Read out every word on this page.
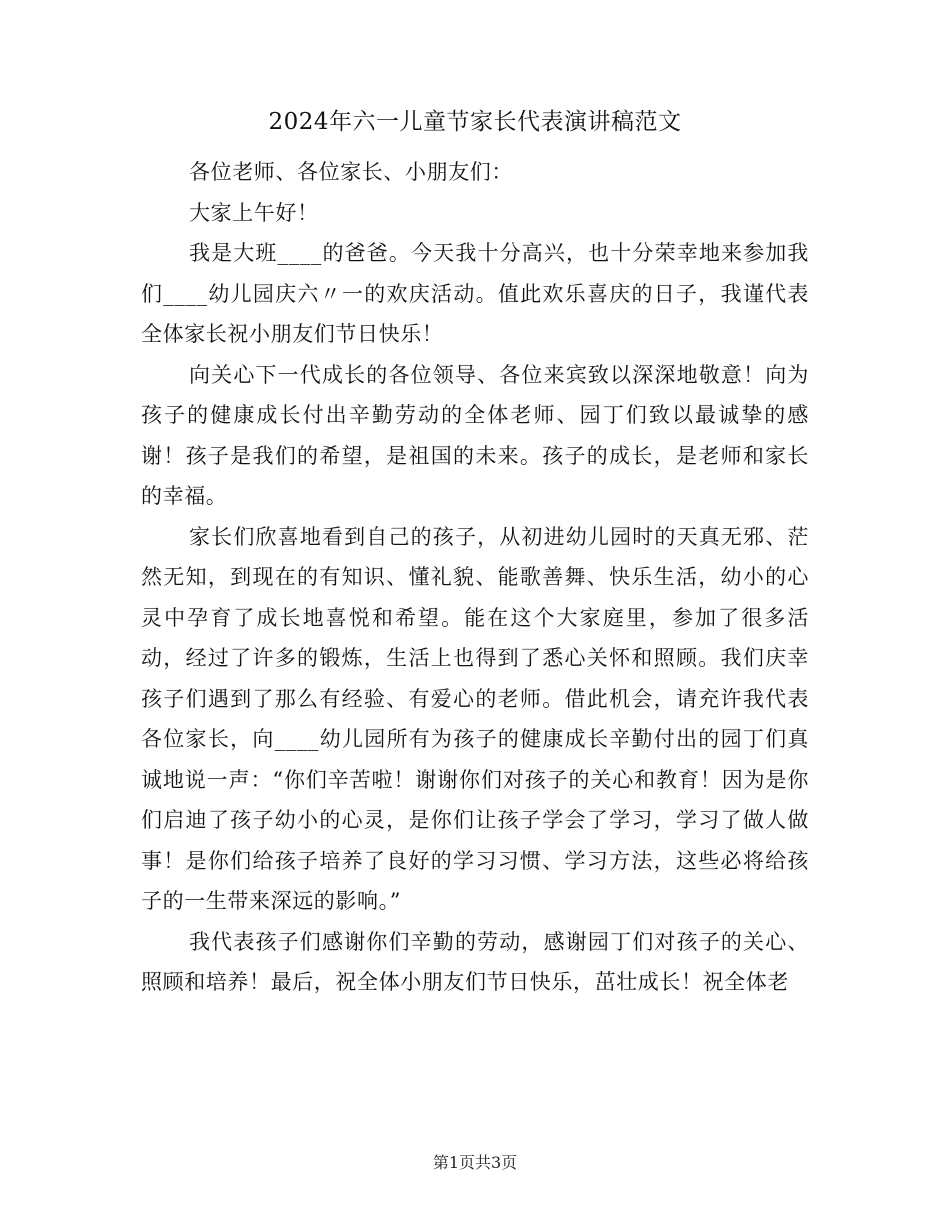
2024年六一儿童节家长代表演讲稿范文

各位老师、各位家长、小朋友们：

大家上午好！

我是大班____的爸爸。今天我十分高兴，也十分荣幸地来参加我们____幼儿园庆六〃一的欢庆活动。值此欢乐喜庆的日子，我谨代表全体家长祝小朋友们节日快乐！

向关心下一代成长的各位领导、各位来宾致以深深地敬意！向为孩子的健康成长付出辛勤劳动的全体老师、园丁们致以最诚挚的感谢！孩子是我们的希望，是祖国的未来。孩子的成长，是老师和家长的幸福。

家长们欣喜地看到自己的孩子，从初进幼儿园时的天真无邪、茫然无知，到现在的有知识、懂礼貌、能歌善舞、快乐生活，幼小的心灵中孕育了成长地喜悦和希望。能在这个大家庭里，参加了很多活动，经过了许多的锻炼，生活上也得到了悉心关怀和照顾。我们庆幸孩子们遇到了那么有经验、有爱心的老师。借此机会，请充许我代表各位家长，向____幼儿园所有为孩子的健康成长辛勤付出的园丁们真诚地说一声：“你们辛苦啦！谢谢你们对孩子的关心和教育！因为是你们启迪了孩子幼小的心灵，是你们让孩子学会了学习，学习了做人做事！是你们给孩子培养了良好的学习习惯、学习方法，这些必将给孩子的一生带来深远的影响。”

我代表孩子们感谢你们辛勤的劳动，感谢园丁们对孩子的关心、照顾和培养！最后，祝全体小朋友们节日快乐，茁壮成长！祝全体老

第1页共3页
